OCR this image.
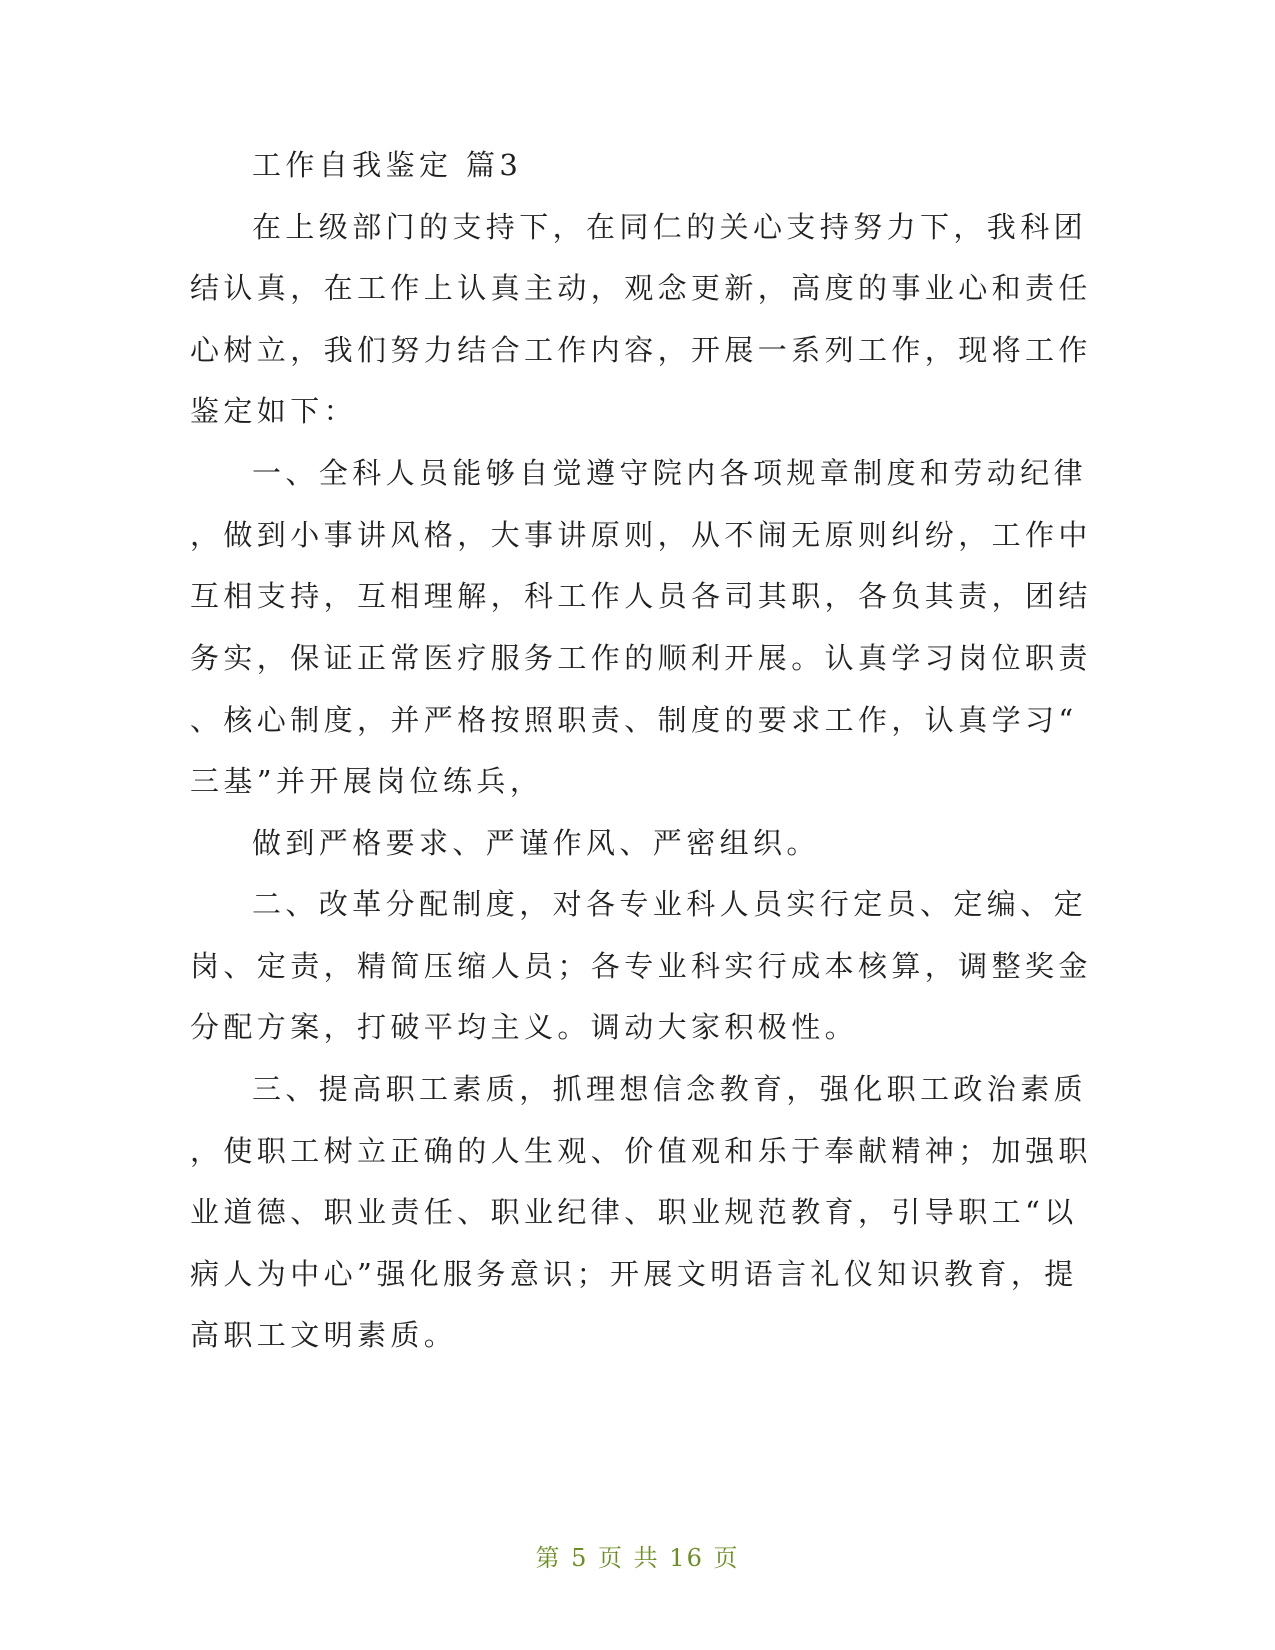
工作自我鉴定 篇3
在上级部门的支持下，在同仁的关心支持努力下，我科团
结认真，在工作上认真主动，观念更新，高度的事业心和责任
心树立，我们努力结合工作内容，开展一系列工作，现将工作
鉴定如下：
一、全科人员能够自觉遵守院内各项规章制度和劳动纪律
，做到小事讲风格，大事讲原则，从不闹无原则纠纷，工作中
互相支持，互相理解，科工作人员各司其职，各负其责，团结
务实，保证正常医疗服务工作的顺利开展。认真学习岗位职责
、核心制度，并严格按照职责、制度的要求工作，认真学习“
三基”并开展岗位练兵，
做到严格要求、严谨作风、严密组织。
二、改革分配制度，对各专业科人员实行定员、定编、定
岗、定责，精简压缩人员；各专业科实行成本核算，调整奖金
分配方案，打破平均主义。调动大家积极性。
三、提高职工素质，抓理想信念教育，强化职工政治素质
，使职工树立正确的人生观、价值观和乐于奉献精神；加强职
业道德、职业责任、职业纪律、职业规范教育，引导职工“以
病人为中心”强化服务意识；开展文明语言礼仪知识教育，提
高职工文明素质。
第 5 页 共 16 页
